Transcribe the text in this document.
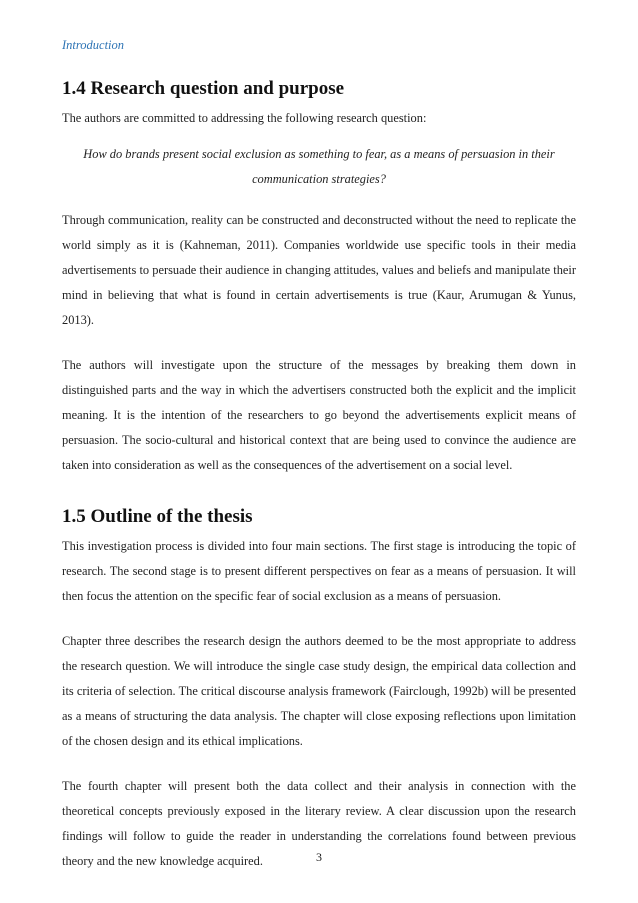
Introduction
1.4 Research question and purpose

The authors are committed to addressing the following research question:

How do brands present social exclusion as something to fear, as a means of persuasion in their communication strategies?

Through communication, reality can be constructed and deconstructed without the need to replicate the world simply as it is (Kahneman, 2011). Companies worldwide use specific tools in their media advertisements to persuade their audience in changing attitudes, values and beliefs and manipulate their mind in believing that what is found in certain advertisements is true (Kaur, Arumugan & Yunus, 2013).

The authors will investigate upon the structure of the messages by breaking them down in distinguished parts and the way in which the advertisers constructed both the explicit and the implicit meaning. It is the intention of the researchers to go beyond the advertisements explicit means of persuasion. The socio-cultural and historical context that are being used to convince the audience are taken into consideration as well as the consequences of the advertisement on a social level.

1.5 Outline of the thesis

This investigation process is divided into four main sections. The first stage is introducing the topic of research. The second stage is to present different perspectives on fear as a means of persuasion. It will then focus the attention on the specific fear of social exclusion as a means of persuasion.

Chapter three describes the research design the authors deemed to be the most appropriate to address the research question. We will introduce the single case study design, the empirical data collection and its criteria of selection. The critical discourse analysis framework (Fairclough, 1992b) will be presented as a means of structuring the data analysis. The chapter will close exposing reflections upon limitation of the chosen design and its ethical implications.

The fourth chapter will present both the data collect and their analysis in connection with the theoretical concepts previously exposed in the literary review. A clear discussion upon the research findings will follow to guide the reader in understanding the correlations found between previous theory and the new knowledge acquired.	3
